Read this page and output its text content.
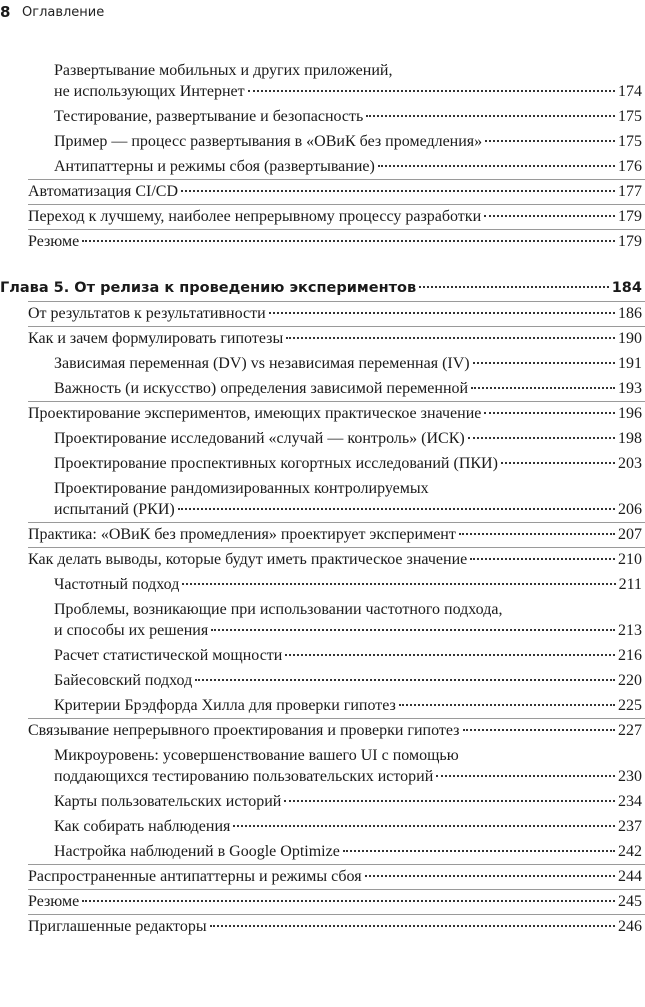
8 Оглавление
Развертывание мобильных и других приложений,
не использующих Интернет	174
Тестирование, развертывание и безопасность	175
Пример — процесс развертывания в «ОВиК без промедления»	175
Антипаттерны и режимы сбоя (развертывание)	176
Автоматизация CI/CD	177
Переход к лучшему, наиболее непрерывному процессу разработки	179
Резюме	179
Глава 5. От релиза к проведению экспериментов	184
От результатов к результативности	186
Как и зачем формулировать гипотезы	190
Зависимая переменная (DV) vs независимая переменная (IV)	191
Важность (и искусство) определения зависимой переменной	193
Проектирование экспериментов, имеющих практическое значение	196
Проектирование исследований «случай — контроль» (ИСК)	198
Проектирование проспективных когортных исследований (ПКИ)	203
Проектирование рандомизированных контролируемых
испытаний (РКИ)	206
Практика: «ОВиК без промедления» проектирует эксперимент	207
Как делать выводы, которые будут иметь практическое значение	210
Частотный подход	211
Проблемы, возникающие при использовании частотного подхода,
и способы их решения	213
Расчет статистической мощности	216
Байесовский подход	220
Критерии Брэдфорда Хилла для проверки гипотез	225
Связывание непрерывного проектирования и проверки гипотез	227
Микроуровень: усовершенствование вашего UI с помощью
поддающихся тестированию пользовательских историй	230
Карты пользовательских историй	234
Как собирать наблюдения	237
Настройка наблюдений в Google Optimize	242
Распространенные антипаттерны и режимы сбоя	244
Резюме	245
Приглашенные редакторы	246
